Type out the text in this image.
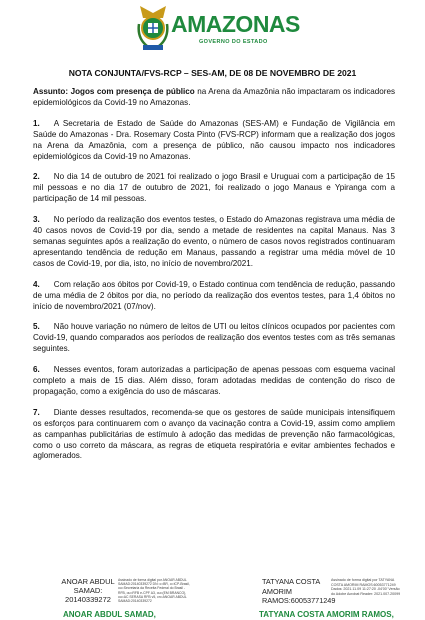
AMAZONAS
GOVERNO DO ESTADO
NOTA CONJUNTA/FVS-RCP – SES-AM, DE 08 DE NOVEMBRO DE 2021

Assunto: Jogos com presença de público na Arena da Amazônia não impactaram os indicadores epidemiológicos da Covid-19 no Amazonas.

1. A Secretaria de Estado de Saúde do Amazonas (SES-AM) e Fundação de Vigilância em Saúde do Amazonas - Dra. Rosemary Costa Pinto (FVS-RCP) informam que a realização dos jogos na Arena da Amazônia, com a presença de público, não causou impacto nos indicadores epidemiológicos da Covid-19 no Amazonas.

2. No dia 14 de outubro de 2021 foi realizado o jogo Brasil e Uruguai com a participação de 15 mil pessoas e no dia 17 de outubro de 2021, foi realizado o jogo Manaus e Ypiranga com a participação de 14 mil pessoas.

3. No período da realização dos eventos testes, o Estado do Amazonas registrava uma média de 40 casos novos de Covid-19 por dia, sendo a metade de residentes na capital Manaus. Nas 3 semanas seguintes após a realização do evento, o número de casos novos registrados continuaram apresentando tendência de redução em Manaus, passando a registrar uma média móvel de 10 casos de Covid-19, por dia, isto, no início de novembro/2021.

4. Com relação aos óbitos por Covid-19, o Estado continua com tendência de redução, passando de uma média de 2 óbitos por dia, no período da realização dos eventos testes, para 1,4 óbitos no início de novembro/2021 (07/nov).

5. Não houve variação no número de leitos de UTI ou leitos clínicos ocupados por pacientes com Covid-19, quando comparados aos períodos de realização dos eventos testes com as três semanas seguintes.

6. Nesses eventos, foram autorizadas a participação de apenas pessoas com esquema vacinal completo a mais de 15 dias. Além disso, foram adotadas medidas de contenção do risco de propagação, como a exigência do uso de máscaras.

7. Diante desses resultados, recomenda-se que os gestores de saúde municipais intensifiquem os esforços para continuarem com o avanço da vacinação contra a Covid-19, assim como ampliem as campanhas publicitárias de estímulo à adoção das medidas de prevenção não farmacológicas, como o uso correto da máscara, as regras de etiqueta respiratória e evitar ambientes fechados e aglomerados.

ANOAR ABDUL SAMAD:
20140339272
Assinado de forma digital por ANOAR ABDUL SAMAD:20140339272 DN: c=BR, o=ICP-Brasil, ou=Secretaria da Receita Federal do Brasil - RFB, ou=RFB e-CPF A3, ou=(EM BRANCO), ou=AC SERASA RFB v5, cn=ANOAR ABDUL SAMAD:20140339272
ANOAR ABDUL SAMAD,
TATYANA COSTA AMORIM RAMOS:60053771249
Assinado de forma digital por TATYANA COSTA AMORIM RAMOS:60053771249 Dados: 2021.11.09 11:27:20 -04'00' Versão do Adobe Acrobat Reader: 2021.007.20099
TATYANA COSTA AMORIM RAMOS,
